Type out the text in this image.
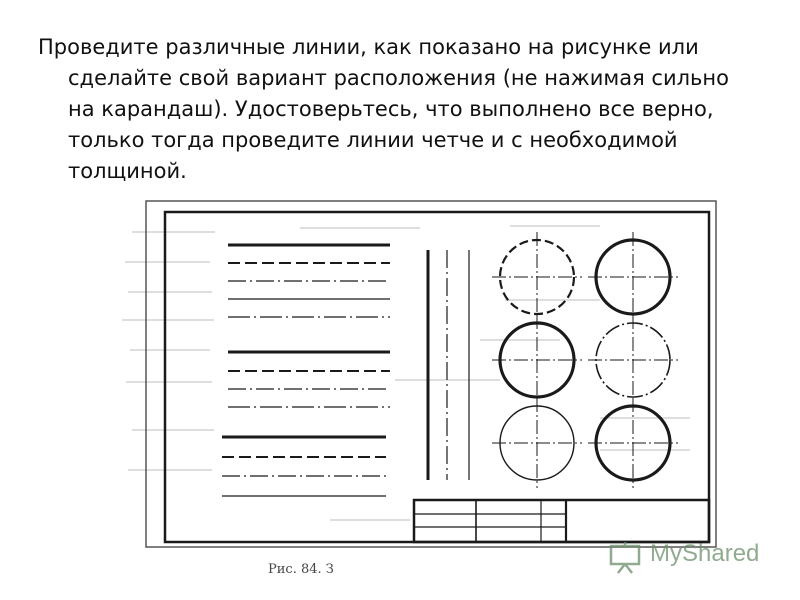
Проведите различные линии, как показано на рисунке или
сделайте свой вариант расположения (не нажимая сильно
на карандаш). Удостоверьтесь, что выполнено все верно,
только тогда проведите линии четче и с необходимой
толщиной.
Рис. 84. З
MyShared
